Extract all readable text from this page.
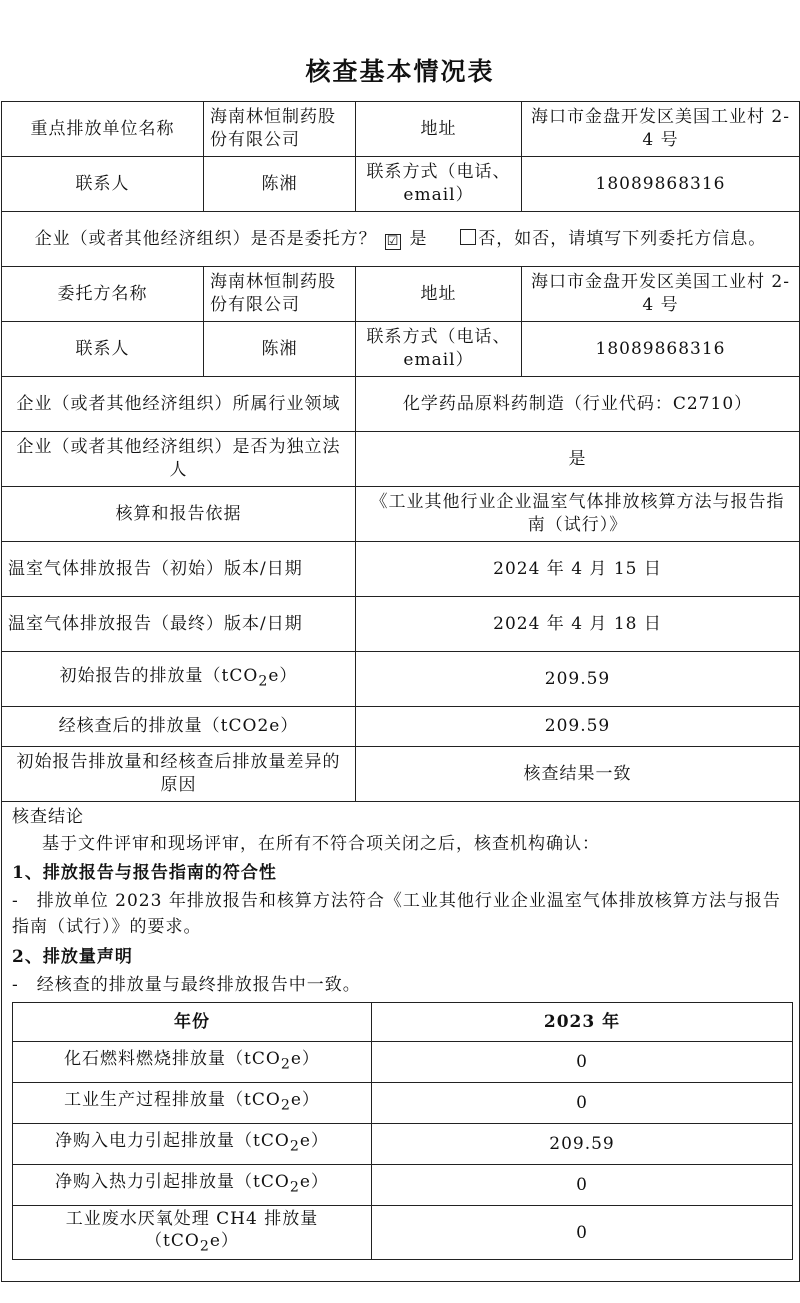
核查基本情况表
重点排放单位名称	海南林恒制药股份有限公司	地址	海口市金盘开发区美国工业村 2-4 号
联系人	陈湘	联系方式（电话、email）	18089868316
企业（或者其他经济组织）是否是委托方？ ☑ 是 　	否，如否，请填写下列委托方信息。
委托方名称	海南林恒制药股份有限公司	地址	海口市金盘开发区美国工业村 2-4 号
联系人	陈湘	联系方式（电话、email）	18089868316
企业（或者其他经济组织）所属行业领域	化学药品原料药制造（行业代码：C2710）
企业（或者其他经济组织）是否为独立法人	是
核算和报告依据	《工业其他行业企业温室气体排放核算方法与报告指南（试行）》
温室气体排放报告（初始）版本/日期	2024 年 4 月 15 日
温室气体排放报告（最终）版本/日期	2024 年 4 月 18 日
初始报告的排放量（tCO$_2$e）	209.59
经核查后的排放量（tCO2e）	209.59
初始报告排放量和经核查后排放量差异的原因	核查结果一致

核查结论

基于文件评审和现场评审，在所有不符合项关闭之后，核查机构确认：

1、排放报告与报告指南的符合性

-　排放单位 2023 年排放报告和核算方法符合《工业其他行业企业温室气体排放核算方法与报告指南（试行）》的要求。

2、排放量声明

-　经核查的排放量与最终排放报告中一致。

年份	2023 年
化石燃料燃烧排放量（tCO$_2$e）	0
工业生产过程排放量（tCO$_2$e）	0
净购入电力引起排放量（tCO$_2$e）	209.59
净购入热力引起排放量（tCO$_2$e）	0
工业废水厌氧处理 CH4 排放量（tCO$_2$e）	0
